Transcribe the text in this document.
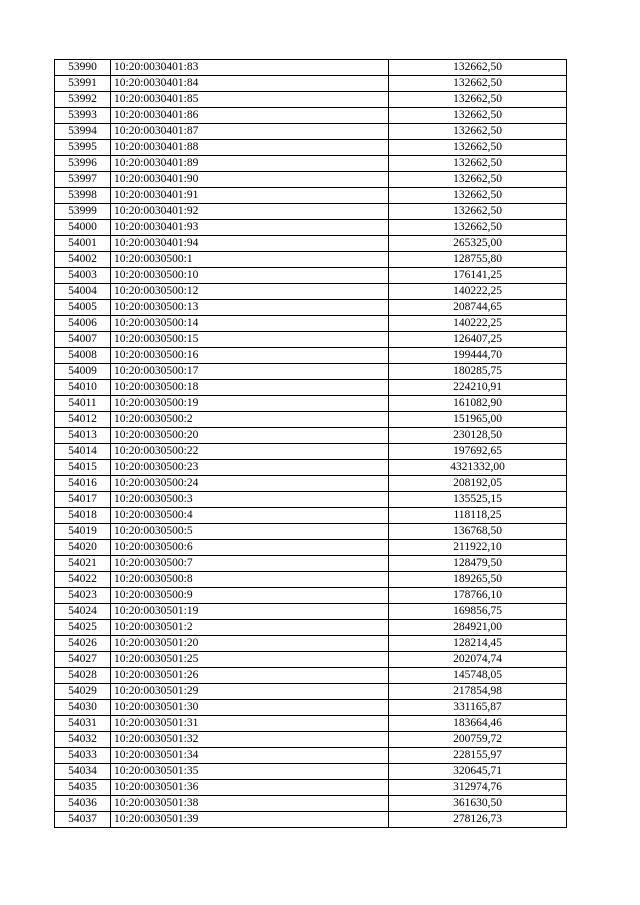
53990	10:20:0030401:83	132662,50
53991	10:20:0030401:84	132662,50
53992	10:20:0030401:85	132662,50
53993	10:20:0030401:86	132662,50
53994	10:20:0030401:87	132662,50
53995	10:20:0030401:88	132662,50
53996	10:20:0030401:89	132662,50
53997	10:20:0030401:90	132662,50
53998	10:20:0030401:91	132662,50
53999	10:20:0030401:92	132662,50
54000	10:20:0030401:93	132662,50
54001	10:20:0030401:94	265325,00
54002	10:20:0030500:1	128755,80
54003	10:20:0030500:10	176141,25
54004	10:20:0030500:12	140222,25
54005	10:20:0030500:13	208744,65
54006	10:20:0030500:14	140222,25
54007	10:20:0030500:15	126407,25
54008	10:20:0030500:16	199444,70
54009	10:20:0030500:17	180285,75
54010	10:20:0030500:18	224210,91
54011	10:20:0030500:19	161082,90
54012	10:20:0030500:2	151965,00
54013	10:20:0030500:20	230128,50
54014	10:20:0030500:22	197692,65
54015	10:20:0030500:23	4321332,00
54016	10:20:0030500:24	208192,05
54017	10:20:0030500:3	135525,15
54018	10:20:0030500:4	118118,25
54019	10:20:0030500:5	136768,50
54020	10:20:0030500:6	211922,10
54021	10:20:0030500:7	128479,50
54022	10:20:0030500:8	189265,50
54023	10:20:0030500:9	178766,10
54024	10:20:0030501:19	169856,75
54025	10:20:0030501:2	284921,00
54026	10:20:0030501:20	128214,45
54027	10:20:0030501:25	202074,74
54028	10:20:0030501:26	145748,05
54029	10:20:0030501:29	217854,98
54030	10:20:0030501:30	331165,87
54031	10:20:0030501:31	183664,46
54032	10:20:0030501:32	200759,72
54033	10:20:0030501:34	228155,97
54034	10:20:0030501:35	320645,71
54035	10:20:0030501:36	312974,76
54036	10:20:0030501:38	361630,50
54037	10:20:0030501:39	278126,73
